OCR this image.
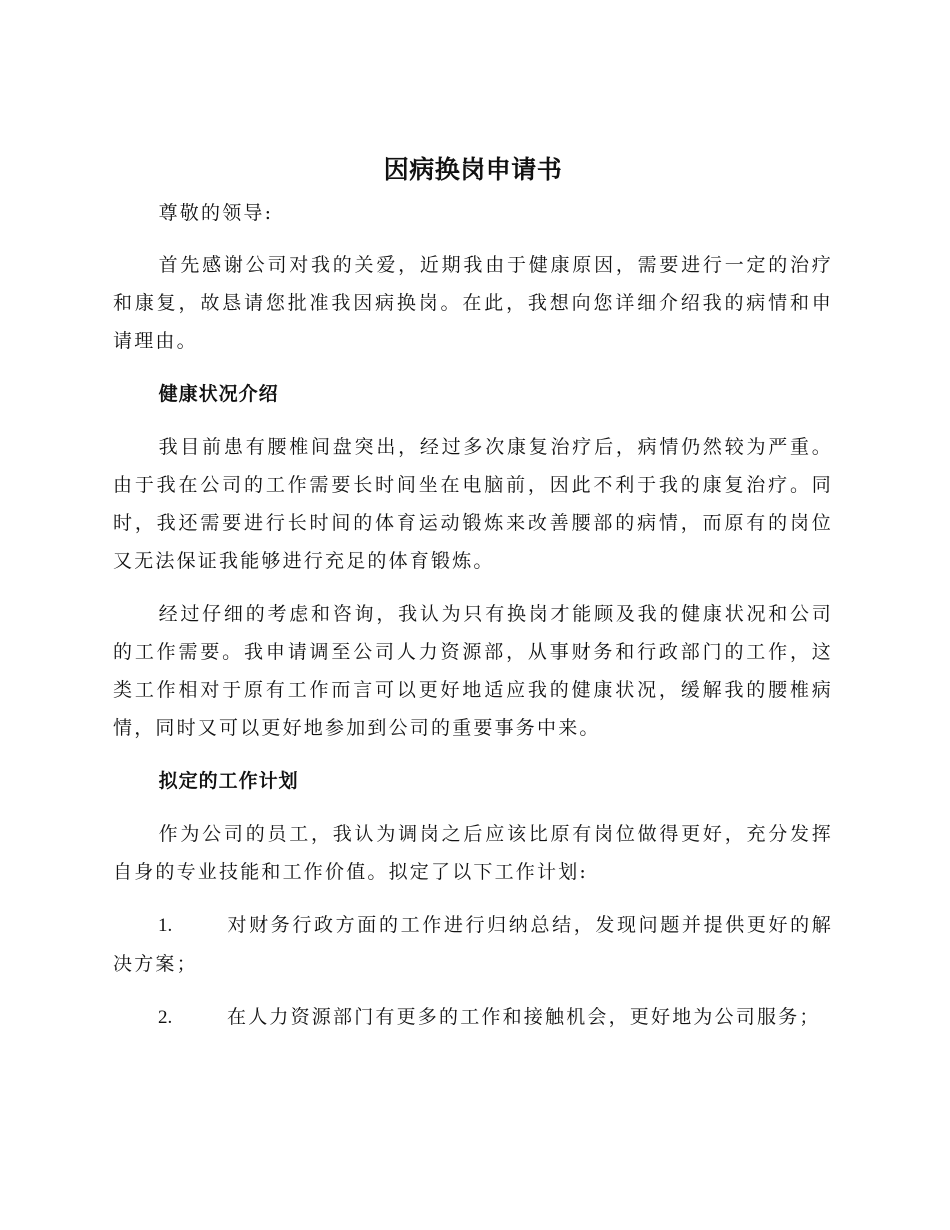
因病换岗申请书

尊敬的领导:

首先感谢公司对我的关爱，近期我由于健康原因，需要进行一定的治疗和康复，故恳请您批准我因病换岗。在此，我想向您详细介绍我的病情和申请理由。

健康状况介绍

我目前患有腰椎间盘突出，经过多次康复治疗后，病情仍然较为严重。由于我在公司的工作需要长时间坐在电脑前，因此不利于我的康复治疗。同时，我还需要进行长时间的体育运动锻炼来改善腰部的病情，而原有的岗位又无法保证我能够进行充足的体育锻炼。

经过仔细的考虑和咨询，我认为只有换岗才能顾及我的健康状况和公司的工作需要。我申请调至公司人力资源部，从事财务和行政部门的工作，这类工作相对于原有工作而言可以更好地适应我的健康状况，缓解我的腰椎病情，同时又可以更好地参加到公司的重要事务中来。

拟定的工作计划

作为公司的员工，我认为调岗之后应该比原有岗位做得更好，充分发挥自身的专业技能和工作价值。拟定了以下工作计划:

1.	对财务行政方面的工作进行归纳总结，发现问题并提供更好的解决方案；

2.	在人力资源部门有更多的工作和接触机会，更好地为公司服务；
